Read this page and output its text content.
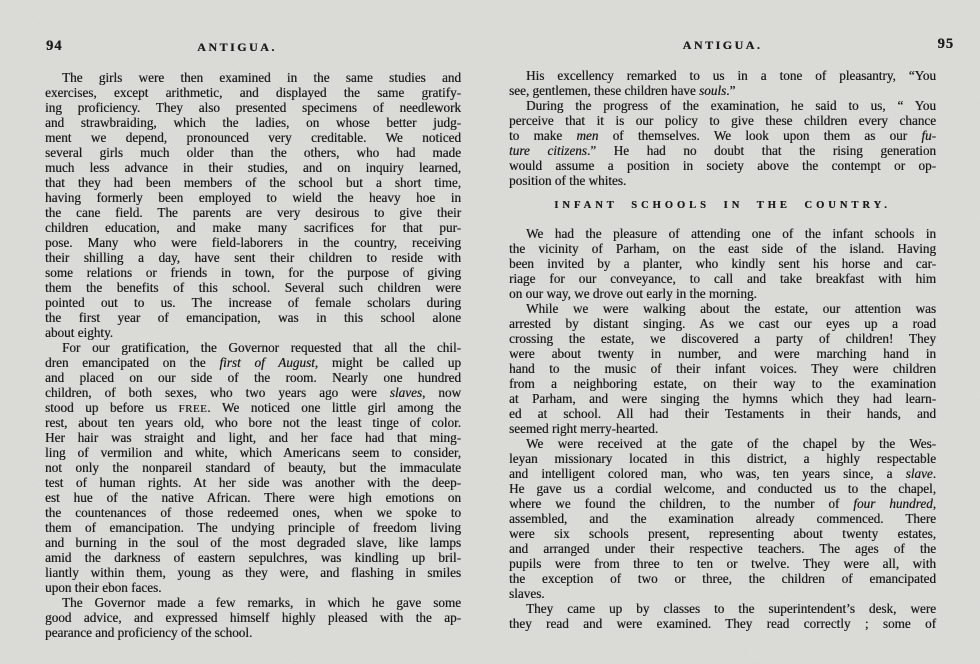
94	ANTIGUA.
The girls were then examined in the same studies and
exercises, except arithmetic, and displayed the same gratify-
ing proficiency. They also presented specimens of needlework
and strawbraiding, which the ladies, on whose better judg-
ment we depend, pronounced very creditable. We noticed
several girls much older than the others, who had made
much less advance in their studies, and on inquiry learned,
that they had been members of the school but a short time,
having formerly been employed to wield the heavy hoe in
the cane field. The parents are very desirous to give their
children education, and make many sacrifices for that pur-
pose. Many who were field-laborers in the country, receiving
their shilling a day, have sent their children to reside with
some relations or friends in town, for the purpose of giving
them the benefits of this school. Several such children were
pointed out to us. The increase of female scholars during
the first year of emancipation, was in this school alone
about eighty.
For our gratification, the Governor requested that all the chil-
dren emancipated on the first of August, might be called up
and placed on our side of the room. Nearly one hundred
children, of both sexes, who two years ago were slaves, now
stood up before us FREE. We noticed one little girl among the
rest, about ten years old, who bore not the least tinge of color.
Her hair was straight and light, and her face had that ming-
ling of vermilion and white, which Americans seem to consider,
not only the nonpareil standard of beauty, but the immaculate
test of human rights. At her side was another with the deep-
est hue of the native African. There were high emotions on
the countenances of those redeemed ones, when we spoke to
them of emancipation. The undying principle of freedom living
and burning in the soul of the most degraded slave, like lamps
amid the darkness of eastern sepulchres, was kindling up bril-
liantly within them, young as they were, and flashing in smiles
upon their ebon faces.
The Governor made a few remarks, in which he gave some
good advice, and expressed himself highly pleased with the ap-
pearance and proficiency of the school.
ANTIGUA.	95
His excellency remarked to us in a tone of pleasantry, “You
see, gentlemen, these children have souls.”
During the progress of the examination, he said to us, “ You
perceive that it is our policy to give these children every chance
to make men of themselves. We look upon them as our fu-
ture citizens.” He had no doubt that the rising generation
would assume a position in society above the contempt or op-
position of the whites.
INFANT SCHOOLS IN THE COUNTRY.
We had the pleasure of attending one of the infant schools in
the vicinity of Parham, on the east side of the island. Having
been invited by a planter, who kindly sent his horse and car-
riage for our conveyance, to call and take breakfast with him
on our way, we drove out early in the morning.
While we were walking about the estate, our attention was
arrested by distant singing. As we cast our eyes up a road
crossing the estate, we discovered a party of children! They
were about twenty in number, and were marching hand in
hand to the music of their infant voices. They were children
from a neighboring estate, on their way to the examination
at Parham, and were singing the hymns which they had learn-
ed at school. All had their Testaments in their hands, and
seemed right merry-hearted.
We were received at the gate of the chapel by the Wes-
leyan missionary located in this district, a highly respectable
and intelligent colored man, who was, ten years since, a slave.
He gave us a cordial welcome, and conducted us to the chapel,
where we found the children, to the number of four hundred,
assembled, and the examination already commenced. There
were six schools present, representing about twenty estates,
and arranged under their respective teachers. The ages of the
pupils were from three to ten or twelve. They were all, with
the exception of two or three, the children of emancipated
slaves.
They came up by classes to the superintendent’s desk, were
they read and were examined. They read correctly ; some of
